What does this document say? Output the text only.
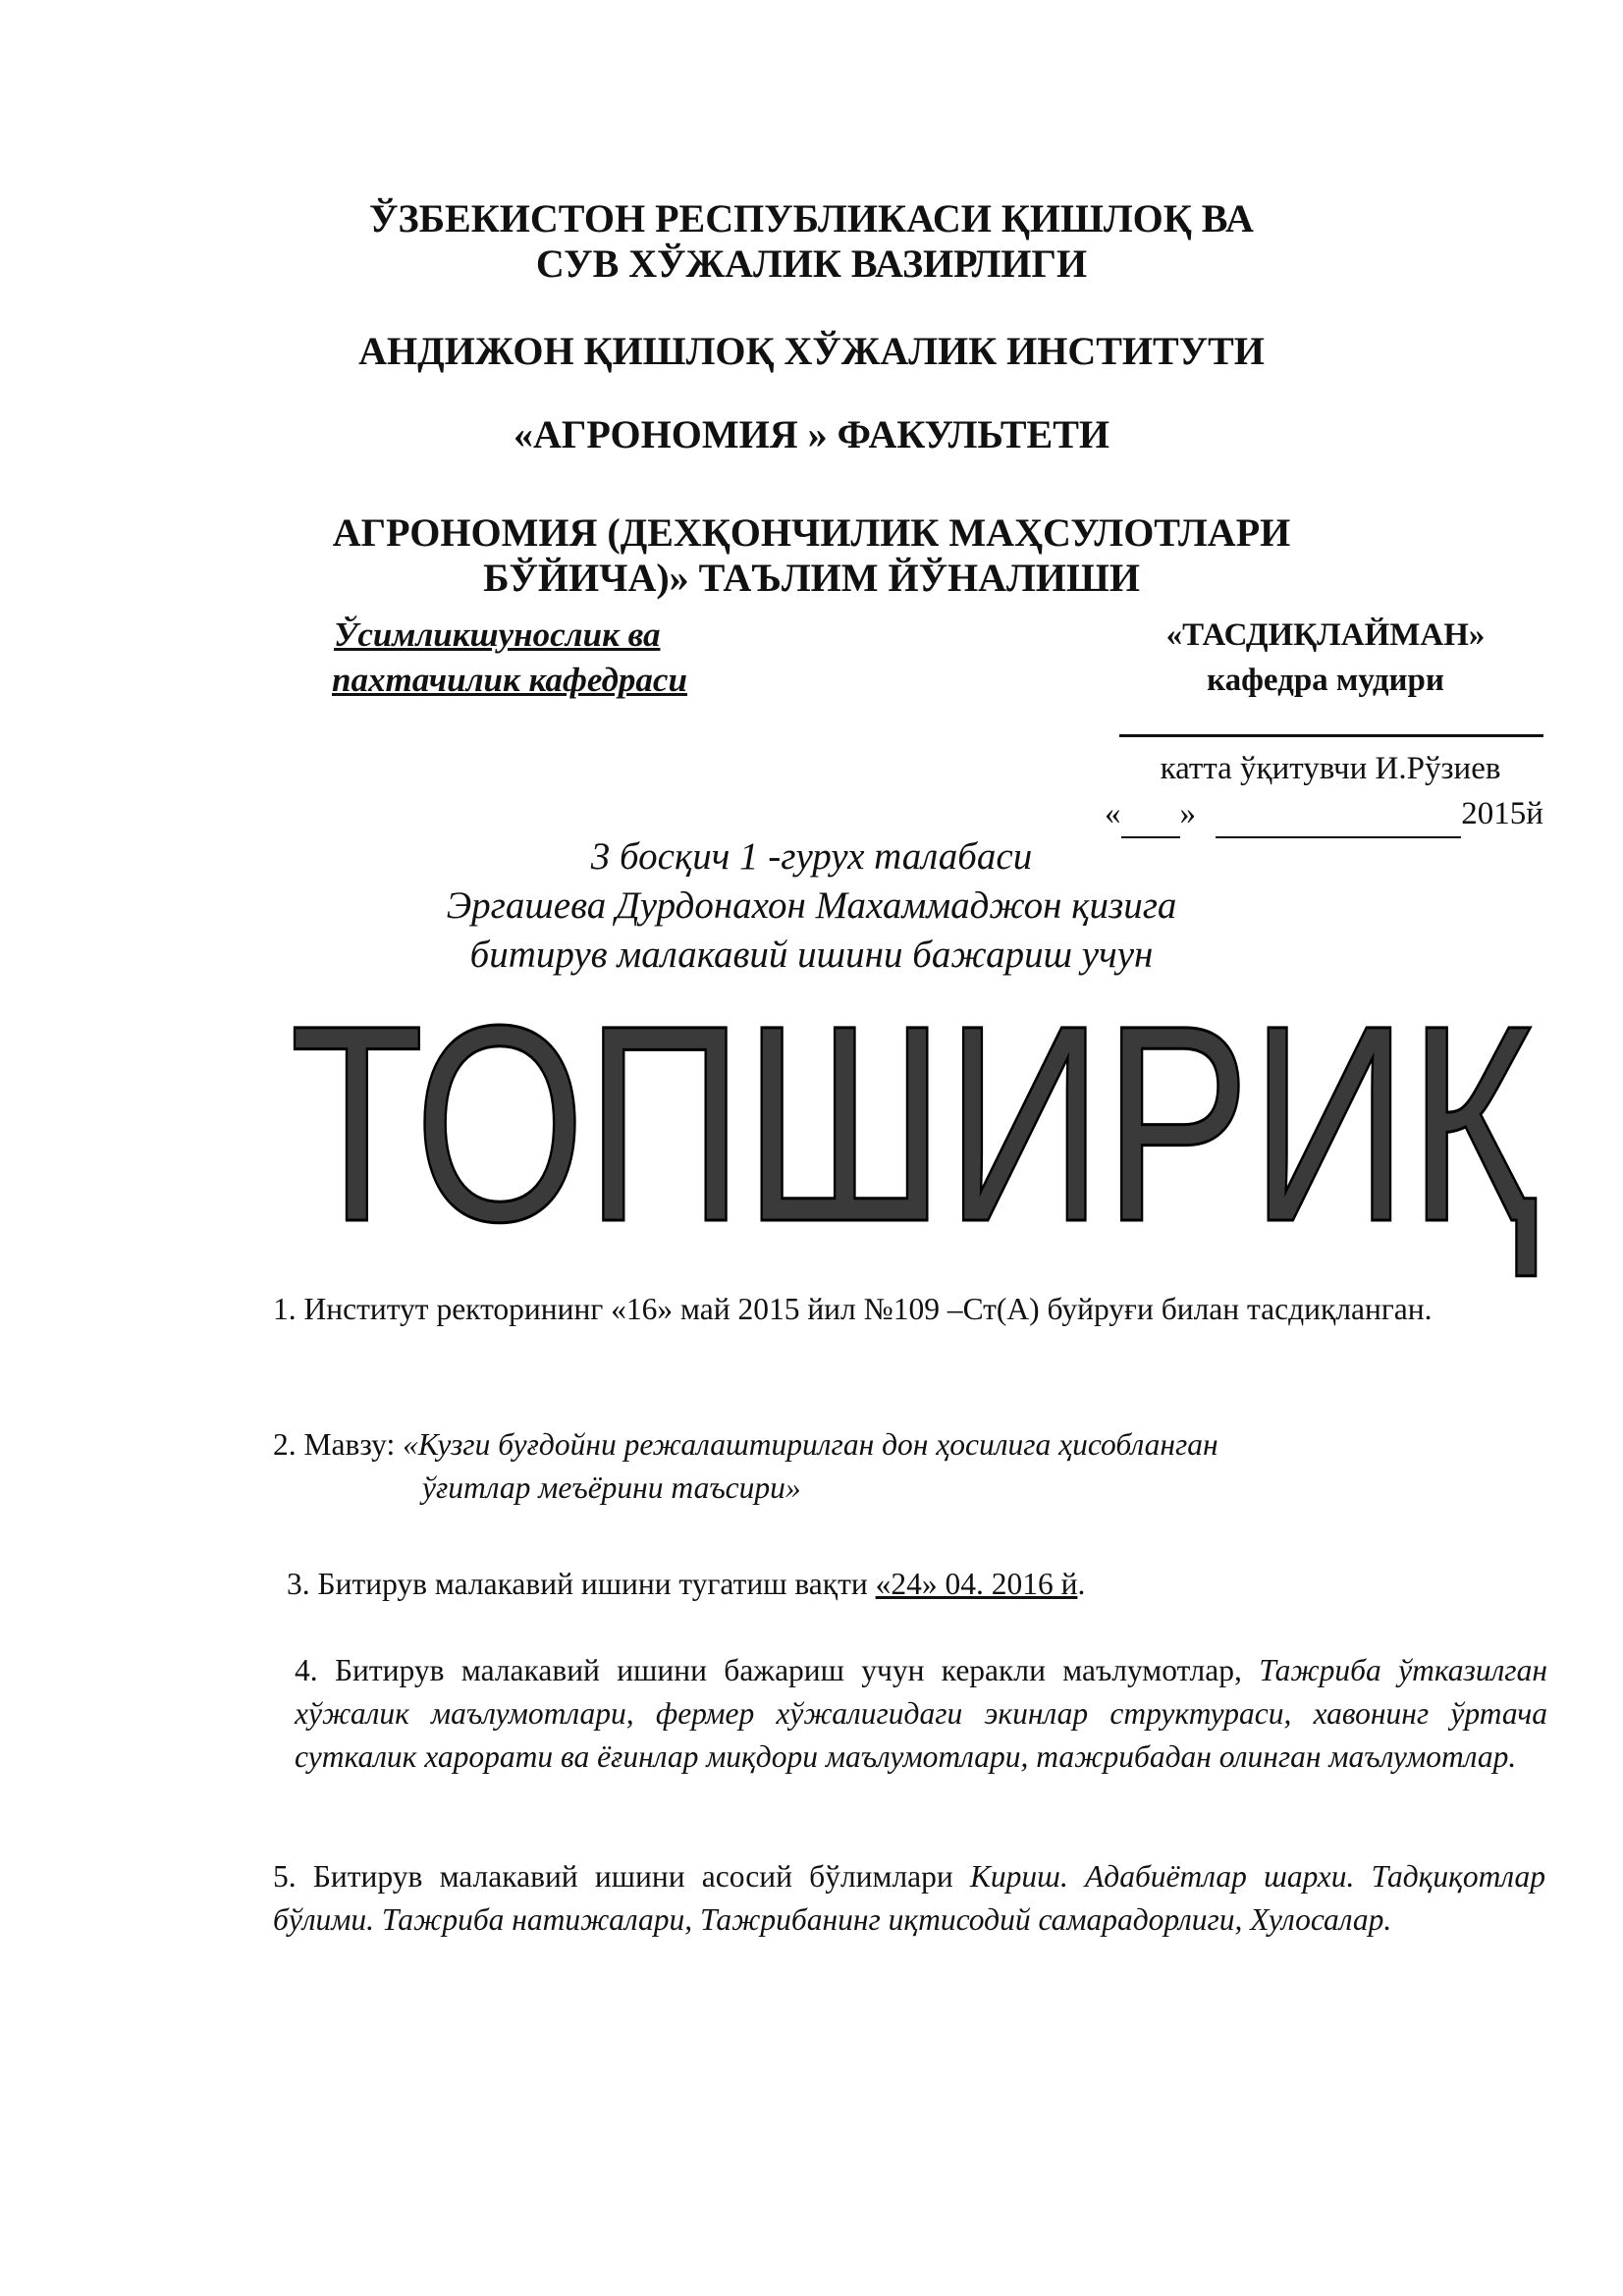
ЎЗБЕКИСТОН РЕСПУБЛИКАСИ ҚИШЛОҚ ВА
СУВ ХЎЖАЛИК ВАЗИРЛИГИ
АНДИЖОН ҚИШЛОҚ ХЎЖАЛИК ИНСТИТУТИ
«АГРОНОМИЯ » ФАКУЛЬТЕТИ
АГРОНОМИЯ (ДЕХҚОНЧИЛИК МАҲСУЛОТЛАРИ
БЎЙИЧА)» ТАЪЛИМ ЙЎНАЛИШИ
Ўсимликшунослик ва
пахтачилик кафедраси
«ТАСДИҚЛАЙМАН»
кафедра мудири
катта ўқитувчи И.Рўзиев
« »	2015й
3 босқич 1 -гурух талабаси
Эргашева Дурдонахон Махаммаджон қизига
битирув малакавий ишини бажариш учун
ТОПШИРИҚ
1. Институт ректорининг «16» май 2015 йил №109 –Ст(А) буйруғи билан тасдиқланган.
2. Мавзу: «Кузги буғдойни режалаштирилган дон ҳосилига ҳисобланган
ўғитлар меъёрини таъсири»
3. Битирув малакавий ишини тугатиш вақти «24» 04. 2016 й.
4. Битирув малакавий ишини бажариш учун керакли маълумотлар, Тажриба ўтказилган хўжалик маълумотлари, фермер хўжалигидаги экинлар структураси, хавонинг ўртача суткалик харорати ва ёғинлар миқдори маълумотлари, тажрибадан олинган маълумотлар.
5. Битирув малакавий ишини асосий бўлимлари Кириш. Адабиётлар шархи. Тадқиқотлар бўлими. Тажриба натижалари, Тажрибанинг иқтисодий самарадорлиги, Хулосалар.
